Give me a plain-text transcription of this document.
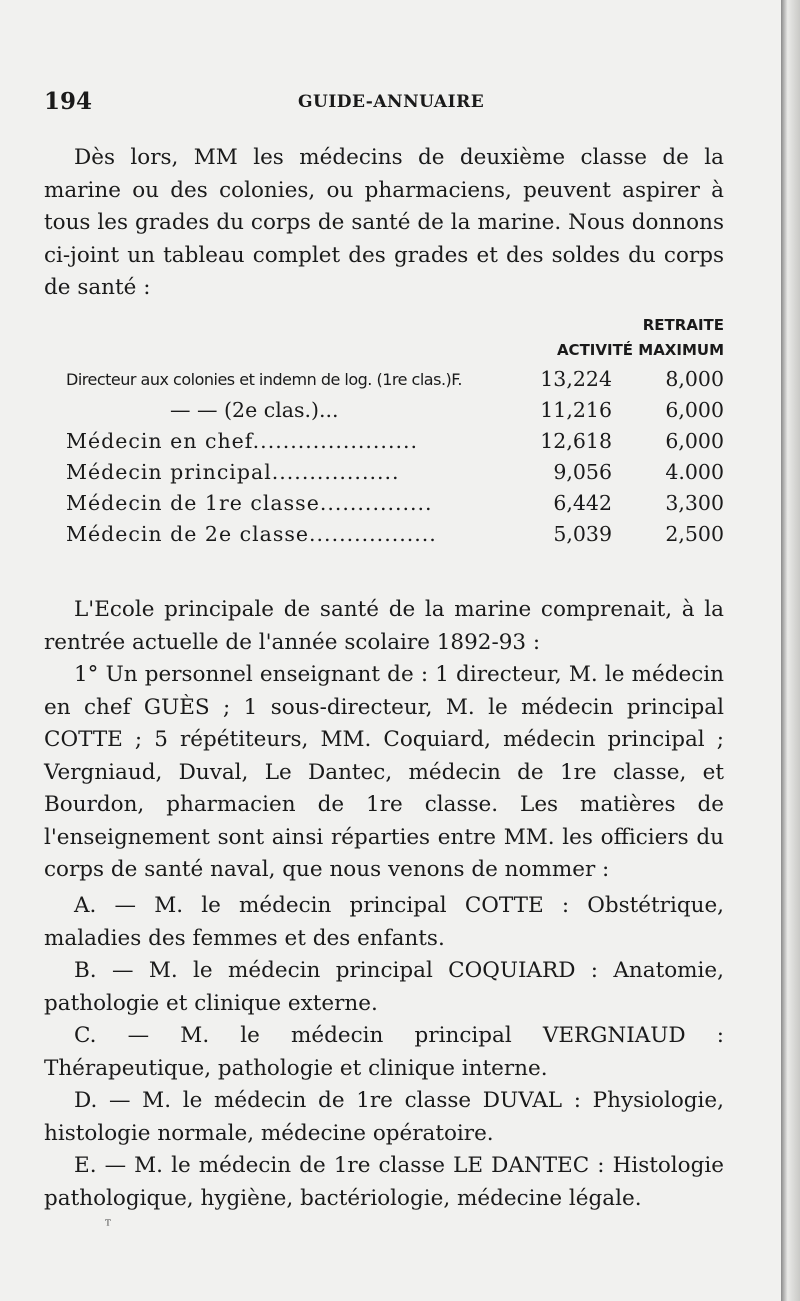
194	GUIDE-ANNUAIRE

Dès lors, MM les médecins de deuxième classe de la marine ou des colonies, ou pharmaciens, peuvent aspirer à tous les grades du corps de santé de la marine. Nous donnons ci-joint un tableau complet des grades et des soldes du corps de santé :

RETRAITE
ACTIVITÉ MAXIMUM
Directeur aux colonies et indemn de log. (1re clas.)F.	13,224	8,000
— — (2e clas.)...	11,216	6,000
Médecin en chef......................	12,618	6,000
Médecin principal.................	9,056	4.000
Médecin de 1re classe...............	6,442	3,300
Médecin de 2e classe.................	5,039	2,500

L'Ecole principale de santé de la marine comprenait, à la rentrée actuelle de l'année scolaire 1892-93 :

1° Un personnel enseignant de : 1 directeur, M. le médecin en chef GUÈS ; 1 sous-directeur, M. le médecin principal COTTE ; 5 répétiteurs, MM. Coquiard, médecin principal ; Vergniaud, Duval, Le Dantec, médecin de 1re classe, et Bourdon, pharmacien de 1re classe. Les matières de l'enseignement sont ainsi réparties entre MM. les officiers du corps de santé naval, que nous venons de nommer :

A. — M. le médecin principal COTTE : Obstétrique, maladies des femmes et des enfants.

B. — M. le médecin principal COQUIARD : Anatomie, pathologie et clinique externe.

C. — M. le médecin principal VERGNIAUD : Thérapeutique, pathologie et clinique interne.

D. — M. le médecin de 1re classe DUVAL : Physiologie, histologie normale, médecine opératoire.

E. — M. le médecin de 1re classe LE DANTEC : Histologie pathologique, hygiène, bactériologie, médecine légale.

ᵀ
